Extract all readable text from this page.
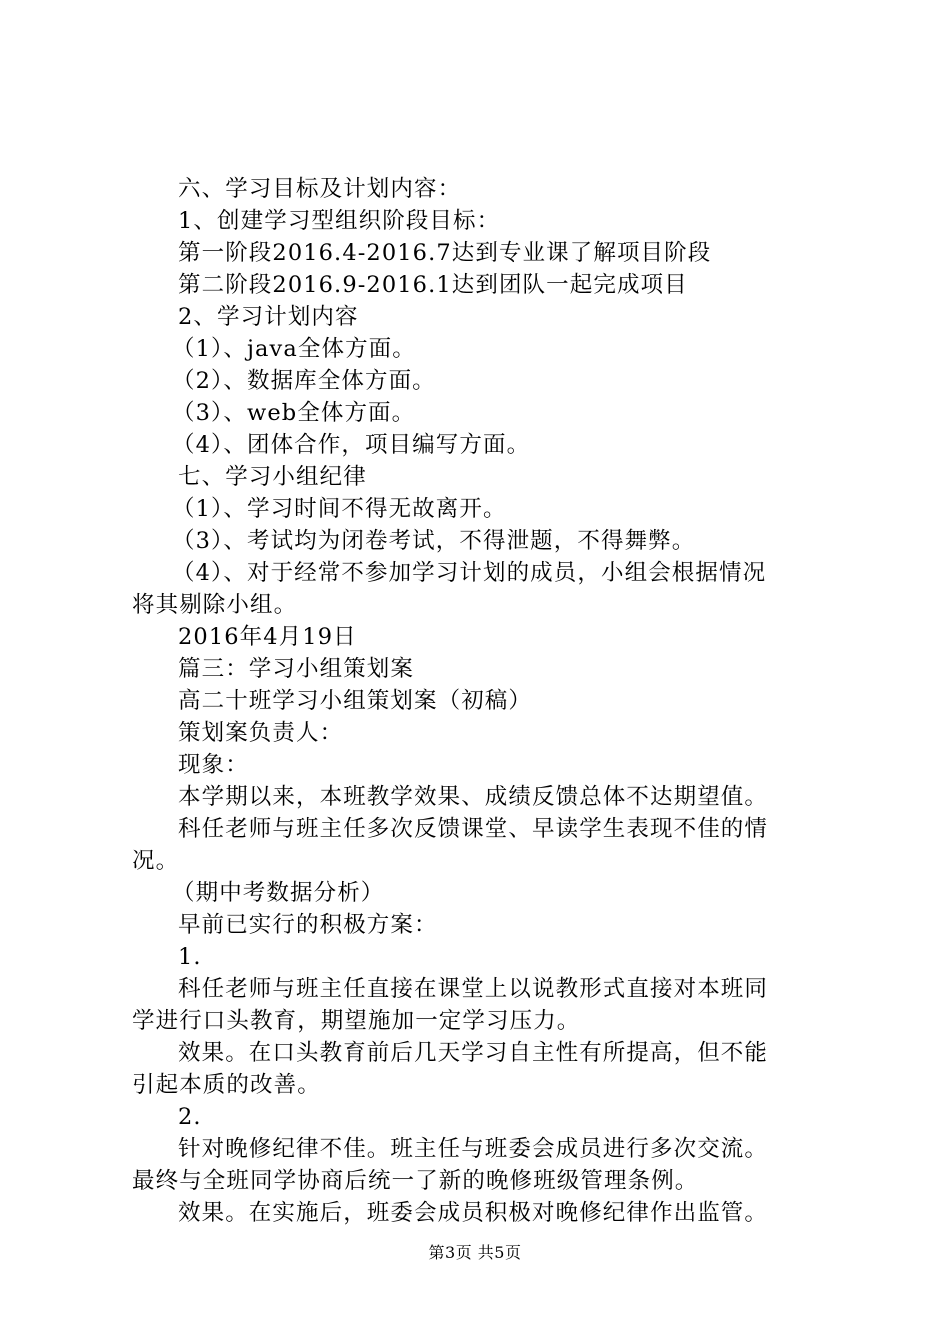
六、学习目标及计划内容：
1、创建学习型组织阶段目标：
第一阶段2016.4-2016.7达到专业课了解项目阶段
第二阶段2016.9-2016.1达到团队一起完成项目
2、学习计划内容
（1）、java全体方面。
（2）、数据库全体方面。
（3）、web全体方面。
（4）、团体合作，项目编写方面。
七、学习小组纪律
（1）、学习时间不得无故离开。
（3）、考试均为闭卷考试，不得泄题，不得舞弊。
（4）、对于经常不参加学习计划的成员，小组会根据情况
将其剔除小组。
2016年4月19日
篇三：学习小组策划案
高二十班学习小组策划案（初稿）
策划案负责人：
现象：
本学期以来，本班教学效果、成绩反馈总体不达期望值。
科任老师与班主任多次反馈课堂、早读学生表现不佳的情
况。
（期中考数据分析）
早前已实行的积极方案：
1.
科任老师与班主任直接在课堂上以说教形式直接对本班同
学进行口头教育，期望施加一定学习压力。
效果。在口头教育前后几天学习自主性有所提高，但不能
引起本质的改善。
2.
针对晚修纪律不佳。班主任与班委会成员进行多次交流。
最终与全班同学协商后统一了新的晚修班级管理条例。
效果。在实施后，班委会成员积极对晚修纪律作出监管。
第3页 共5页
